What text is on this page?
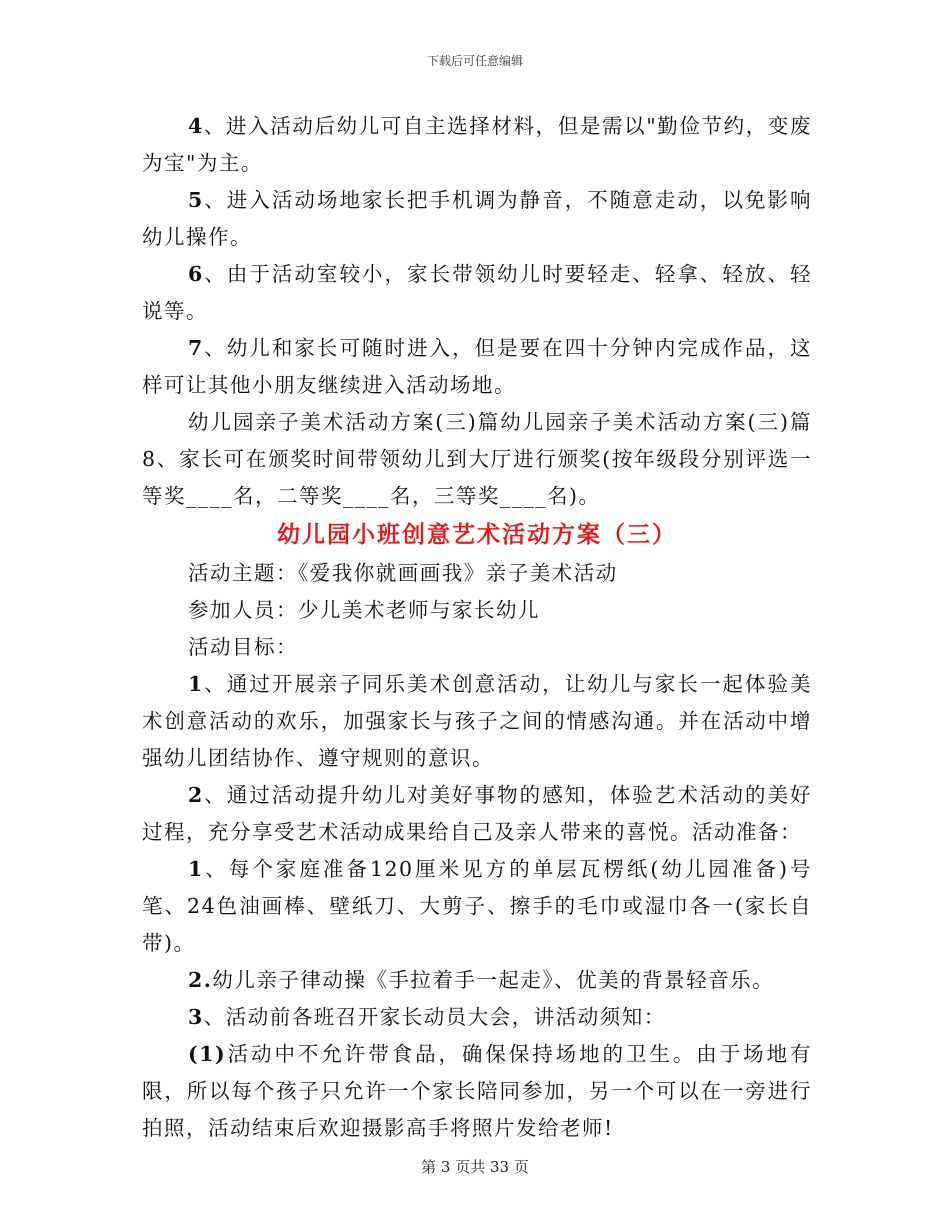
下载后可任意编辑

4、进入活动后幼儿可自主选择材料，但是需以"勤俭节约，变废为宝"为主。

5、进入活动场地家长把手机调为静音，不随意走动，以免影响幼儿操作。

6、由于活动室较小，家长带领幼儿时要轻走、轻拿、轻放、轻说等。

7、幼儿和家长可随时进入，但是要在四十分钟内完成作品，这样可让其他小朋友继续进入活动场地。

幼儿园亲子美术活动方案(三)篇幼儿园亲子美术活动方案(三)篇8、家长可在颁奖时间带领幼儿到大厅进行颁奖(按年级段分别评选一等奖____名，二等奖____名，三等奖____名)。

幼儿园小班创意艺术活动方案（三）

活动主题：《爱我你就画画我》亲子美术活动

参加人员：少儿美术老师与家长幼儿

活动目标：

1、通过开展亲子同乐美术创意活动，让幼儿与家长一起体验美术创意活动的欢乐，加强家长与孩子之间的情感沟通。并在活动中增强幼儿团结协作、遵守规则的意识。

2、通过活动提升幼儿对美好事物的感知，体验艺术活动的美好过程，充分享受艺术活动成果给自己及亲人带来的喜悦。活动准备：

1、每个家庭准备120厘米见方的单层瓦楞纸(幼儿园准备)号笔、24色油画棒、壁纸刀、大剪子、擦手的毛巾或湿巾各一(家长自带)。

2.幼儿亲子律动操《手拉着手一起走》、优美的背景轻音乐。

3、活动前各班召开家长动员大会，讲活动须知：

(1)活动中不允许带食品，确保保持场地的卫生。由于场地有限，所以每个孩子只允许一个家长陪同参加，另一个可以在一旁进行拍照，活动结束后欢迎摄影高手将照片发给老师!

第 3 页共 33 页
